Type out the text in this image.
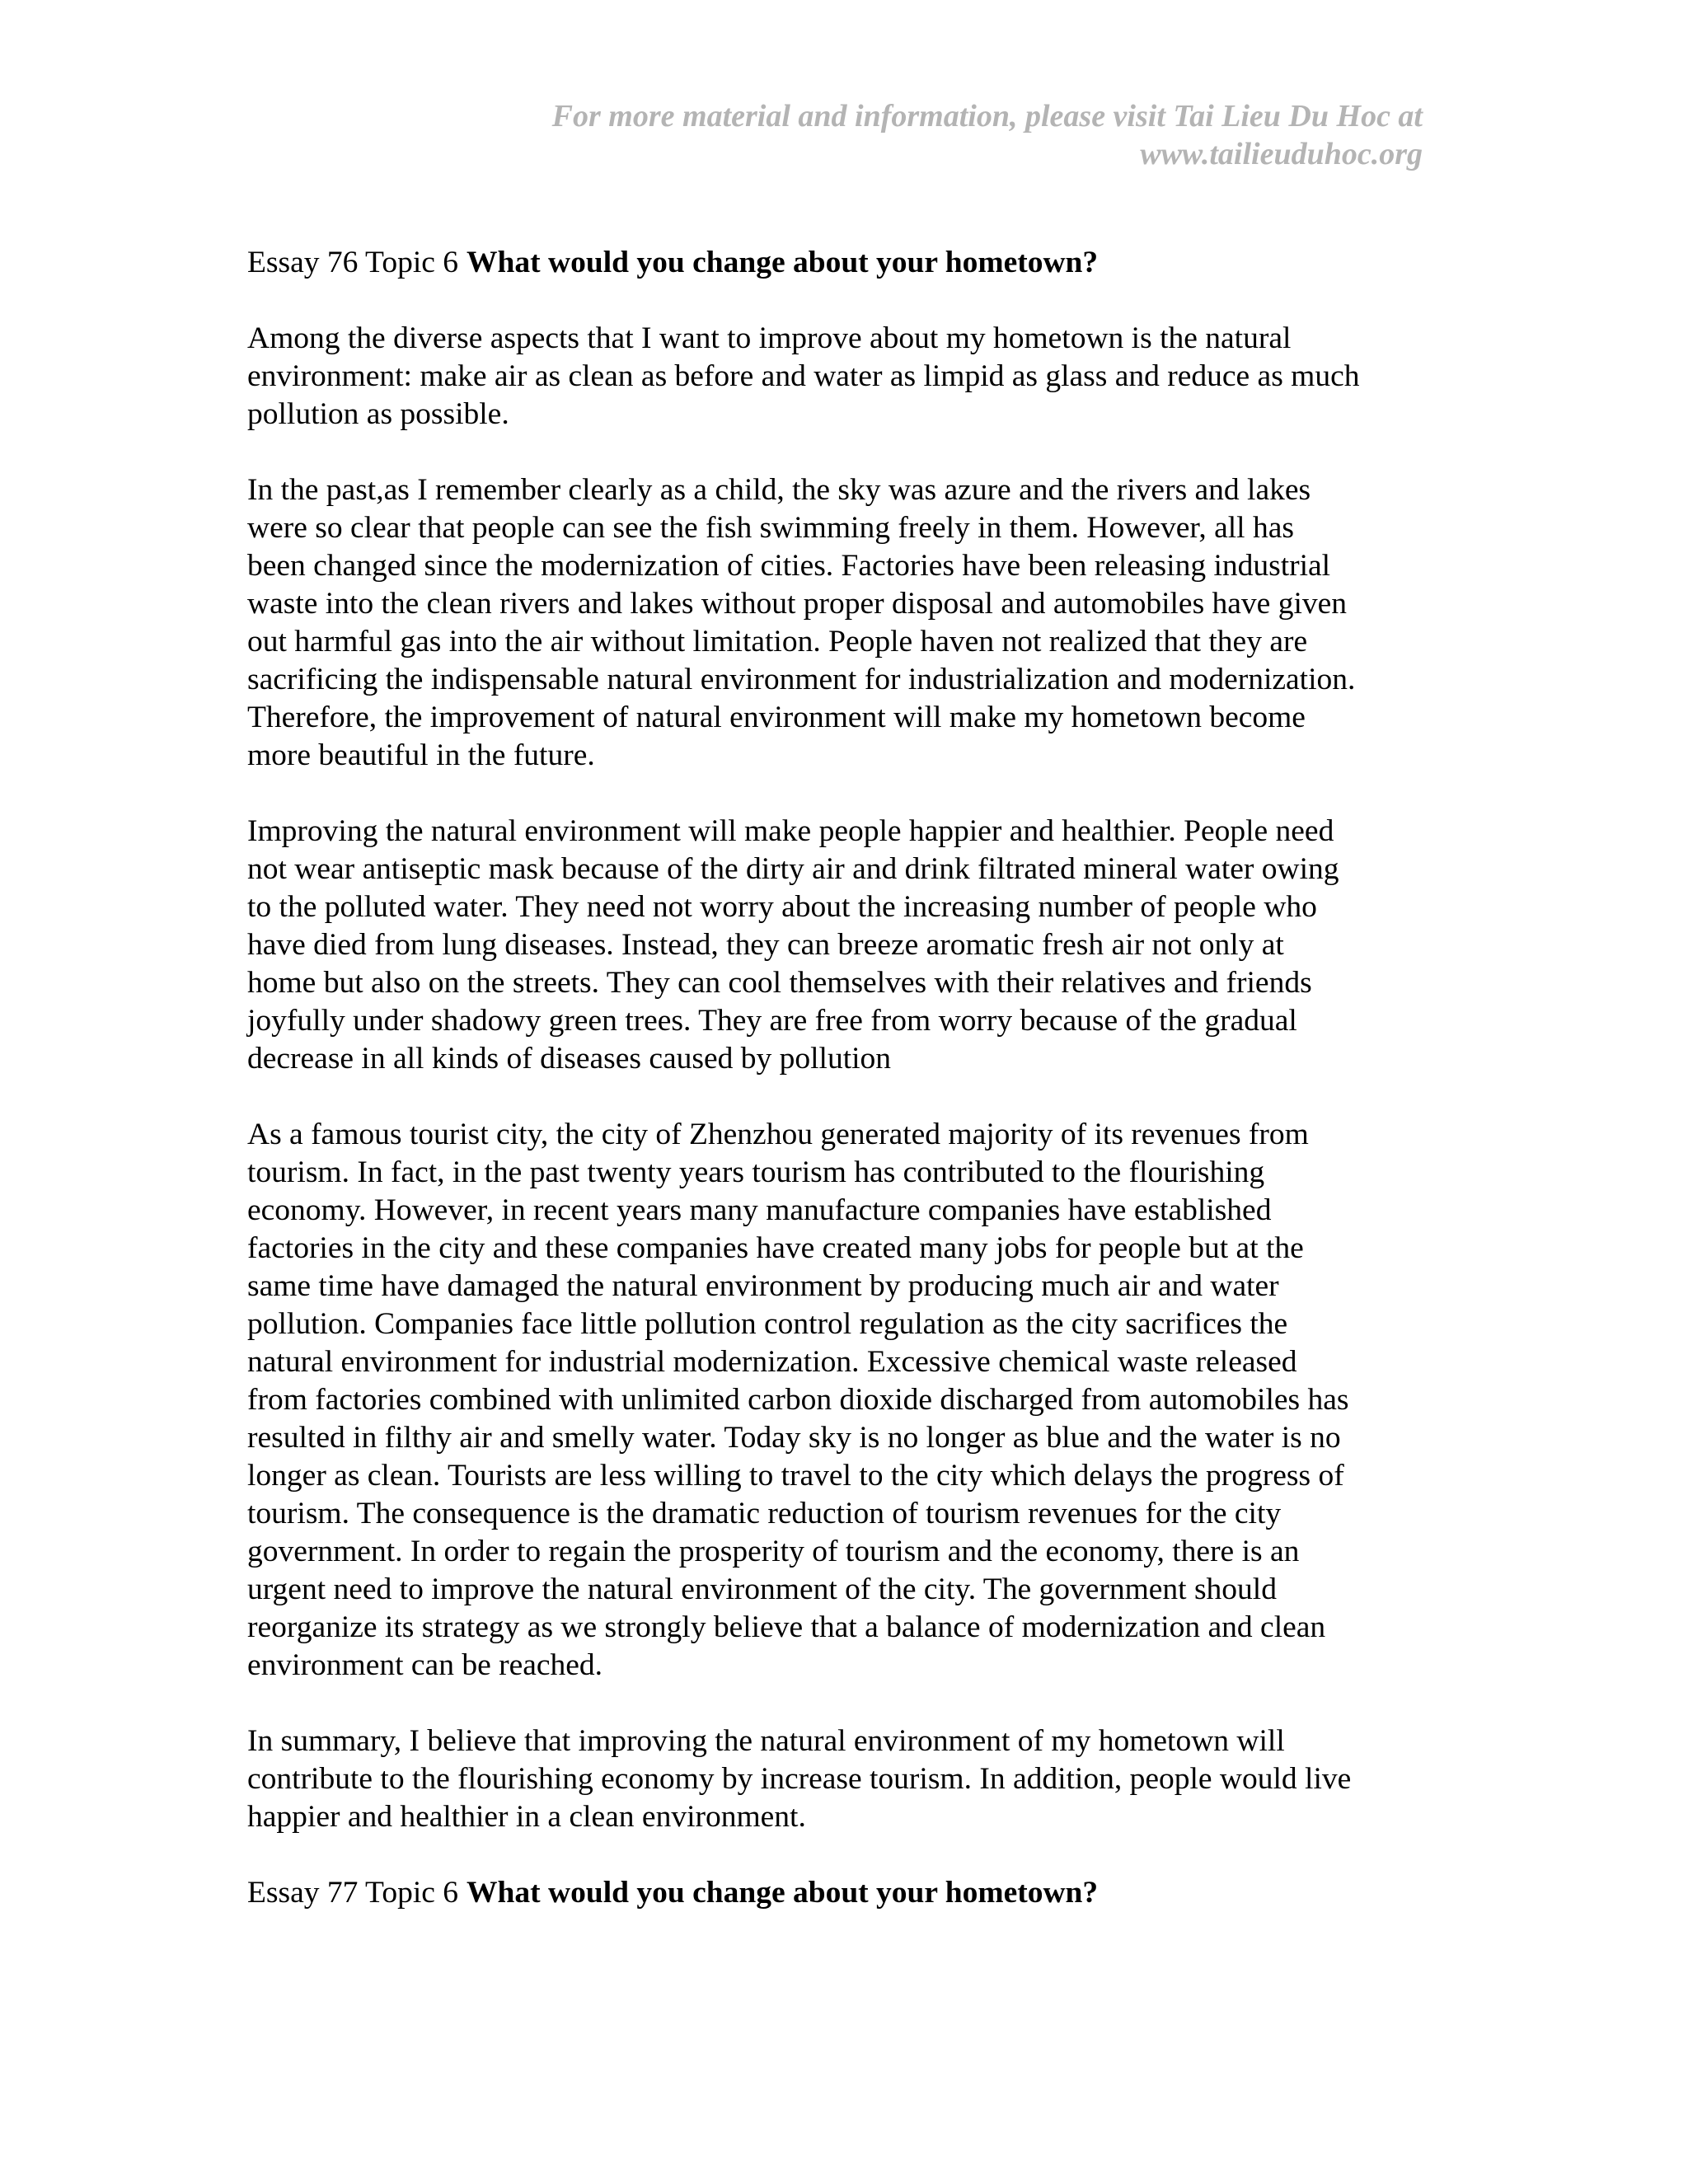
For more material and information, please visit Tai Lieu Du Hoc at
www.tailieuduhoc.org
Essay 76 Topic 6 What would you change about your hometown?
Among the diverse aspects that I want to improve about my hometown is the natural
environment: make air as clean as before and water as limpid as glass and reduce as much
pollution as possible.
In the past,as I remember clearly as a child, the sky was azure and the rivers and lakes
were so clear that people can see the fish swimming freely in them. However, all has
been changed since the modernization of cities. Factories have been releasing industrial
waste into the clean rivers and lakes without proper disposal and automobiles have given
out harmful gas into the air without limitation. People haven not realized that they are
sacrificing the indispensable natural environment for industrialization and modernization.
Therefore, the improvement of natural environment will make my hometown become
more beautiful in the future.
Improving the natural environment will make people happier and healthier. People need
not wear antiseptic mask because of the dirty air and drink filtrated mineral water owing
to the polluted water. They need not worry about the increasing number of people who
have died from lung diseases. Instead, they can breeze aromatic fresh air not only at
home but also on the streets. They can cool themselves with their relatives and friends
joyfully under shadowy green trees. They are free from worry because of the gradual
decrease in all kinds of diseases caused by pollution
As a famous tourist city, the city of Zhenzhou generated majority of its revenues from
tourism. In fact, in the past twenty years tourism has contributed to the flourishing
economy. However, in recent years many manufacture companies have established
factories in the city and these companies have created many jobs for people but at the
same time have damaged the natural environment by producing much air and water
pollution. Companies face little pollution control regulation as the city sacrifices the
natural environment for industrial modernization. Excessive chemical waste released
from factories combined with unlimited carbon dioxide discharged from automobiles has
resulted in filthy air and smelly water. Today sky is no longer as blue and the water is no
longer as clean. Tourists are less willing to travel to the city which delays the progress of
tourism. The consequence is the dramatic reduction of tourism revenues for the city
government. In order to regain the prosperity of tourism and the economy, there is an
urgent need to improve the natural environment of the city. The government should
reorganize its strategy as we strongly believe that a balance of modernization and clean
environment can be reached.
In summary, I believe that improving the natural environment of my hometown will
contribute to the flourishing economy by increase tourism. In addition, people would live
happier and healthier in a clean environment.
Essay 77 Topic 6 What would you change about your hometown?
